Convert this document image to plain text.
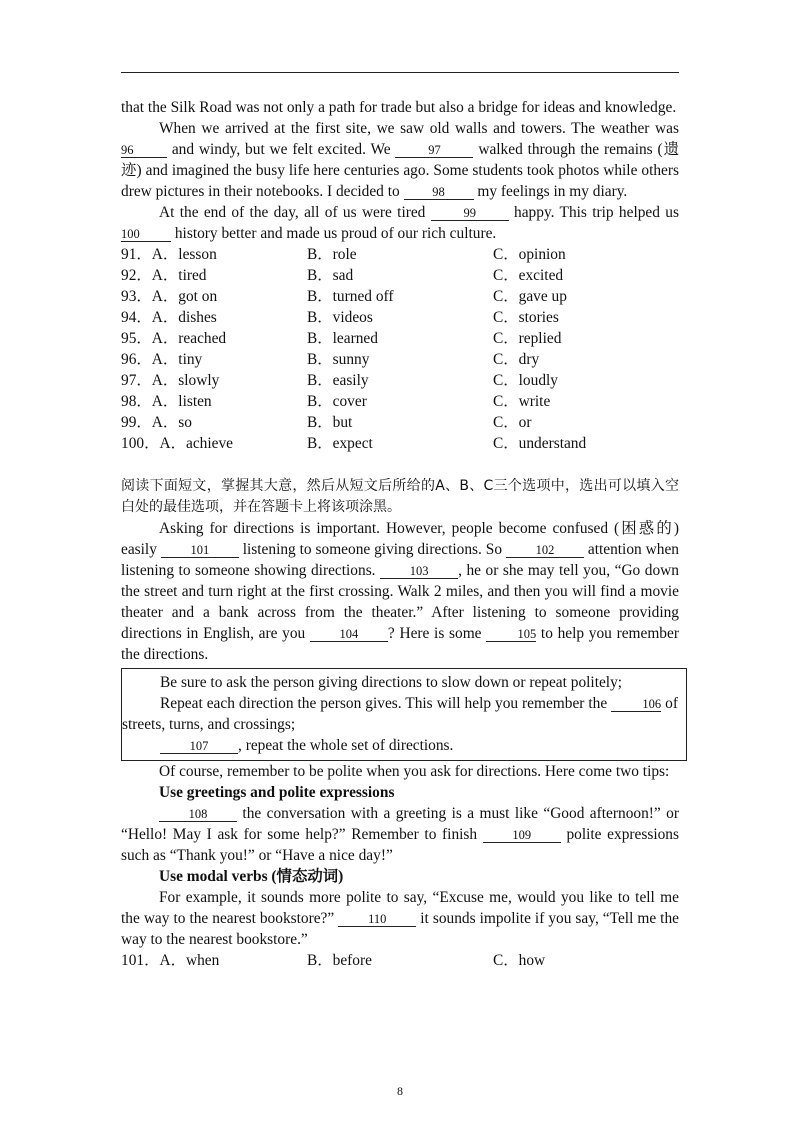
that the Silk Road was not only a path for trade but also a bridge for ideas and knowledge.

When we arrived at the first site, we saw old walls and towers. The weather was 96 and windy, but we felt excited. We	97 walked through the remains (遗迹) and imagined the busy life here centuries ago. Some students took photos while others drew pictures in their notebooks. I decided to	98 my feelings in my diary.

At the end of the day, all of us were tired	99 happy. This trip helped us 100 history better and made us proud of our rich culture.

91．A．lesson	B．role	C．opinion
92．A．tired	B．sad	C．excited
93．A．got on	B．turned off	C．gave up
94．A．dishes	B．videos	C．stories
95．A．reached	B．learned	C．replied
96．A．tiny	B．sunny	C．dry
97．A．slowly	B．easily	C．loudly
98．A．listen	B．cover	C．write
99．A．so	B．but	C．or
100．A．achieve	B．expect	C．understand

阅读下面短文，掌握其大意，然后从短文后所给的A、B、C三个选项中，选出可以填入空白处的最佳选项，并在答题卡上将该项涂黑。

Asking for directions is important. However, people become confused (困惑的) easily	101 listening to someone giving directions. So	102 attention when listening to someone showing directions.	103 , he or she may tell you, “Go down the street and turn right at the first crossing. Walk 2 miles, and then you will find a movie theater and a bank across from the theater.” After listening to someone providing directions in English, are you	104 ? Here is some	105 to help you remember the directions.

Be sure to ask the person giving directions to slow down or repeat politely;

Repeat each direction the person gives. This will help you remember the	106 of streets, turns, and crossings;

107 , repeat the whole set of directions.

Of course, remember to be polite when you ask for directions. Here come two tips:

Use greetings and polite expressions

108 the conversation with a greeting is a must like “Good afternoon!” or “Hello! May I ask for some help?” Remember to finish	109 polite expressions such as “Thank you!” or “Have a nice day!”

Use modal verbs (情态动词)

For example, it sounds more polite to say, “Excuse me, would you like to tell me the way to the nearest bookstore?”	110 it sounds impolite if you say, “Tell me the way to the nearest bookstore.”

101．A．when	B．before	C．how
8
